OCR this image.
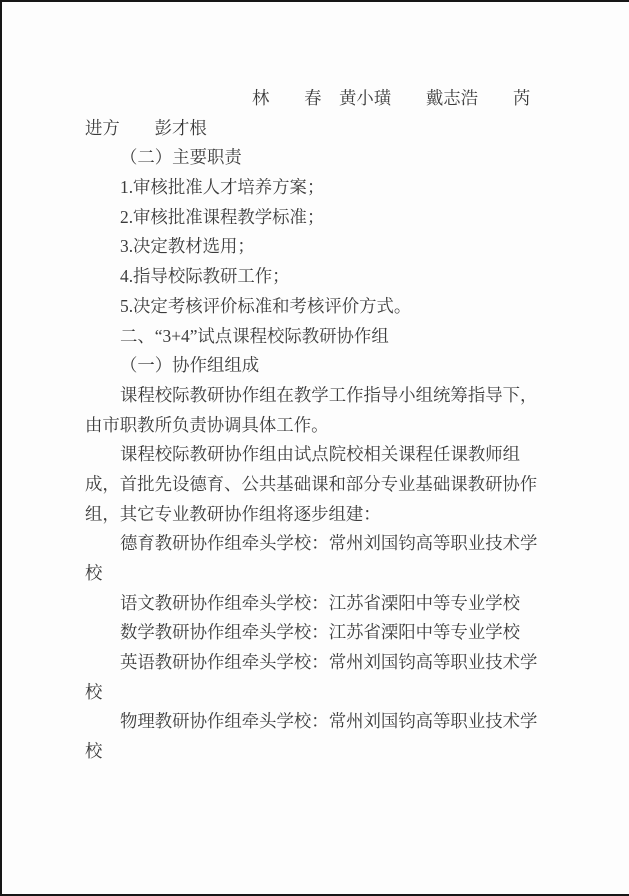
林　　春　黄小璜　　戴志浩　　芮
进方　　彭才根
（二）主要职责
1.审核批准人才培养方案；
2.审核批准课程教学标准；
3.决定教材选用；
4.指导校际教研工作；
5.决定考核评价标准和考核评价方式。
二、“3+4”试点课程校际教研协作组
（一）协作组组成
课程校际教研协作组在教学工作指导小组统筹指导下，
由市职教所负责协调具体工作。
课程校际教研协作组由试点院校相关课程任课教师组
成，首批先设德育、公共基础课和部分专业基础课教研协作
组，其它专业教研协作组将逐步组建：
德育教研协作组牵头学校：常州刘国钧高等职业技术学
校
语文教研协作组牵头学校：江苏省溧阳中等专业学校
数学教研协作组牵头学校：江苏省溧阳中等专业学校
英语教研协作组牵头学校：常州刘国钧高等职业技术学
校
物理教研协作组牵头学校：常州刘国钧高等职业技术学
校
